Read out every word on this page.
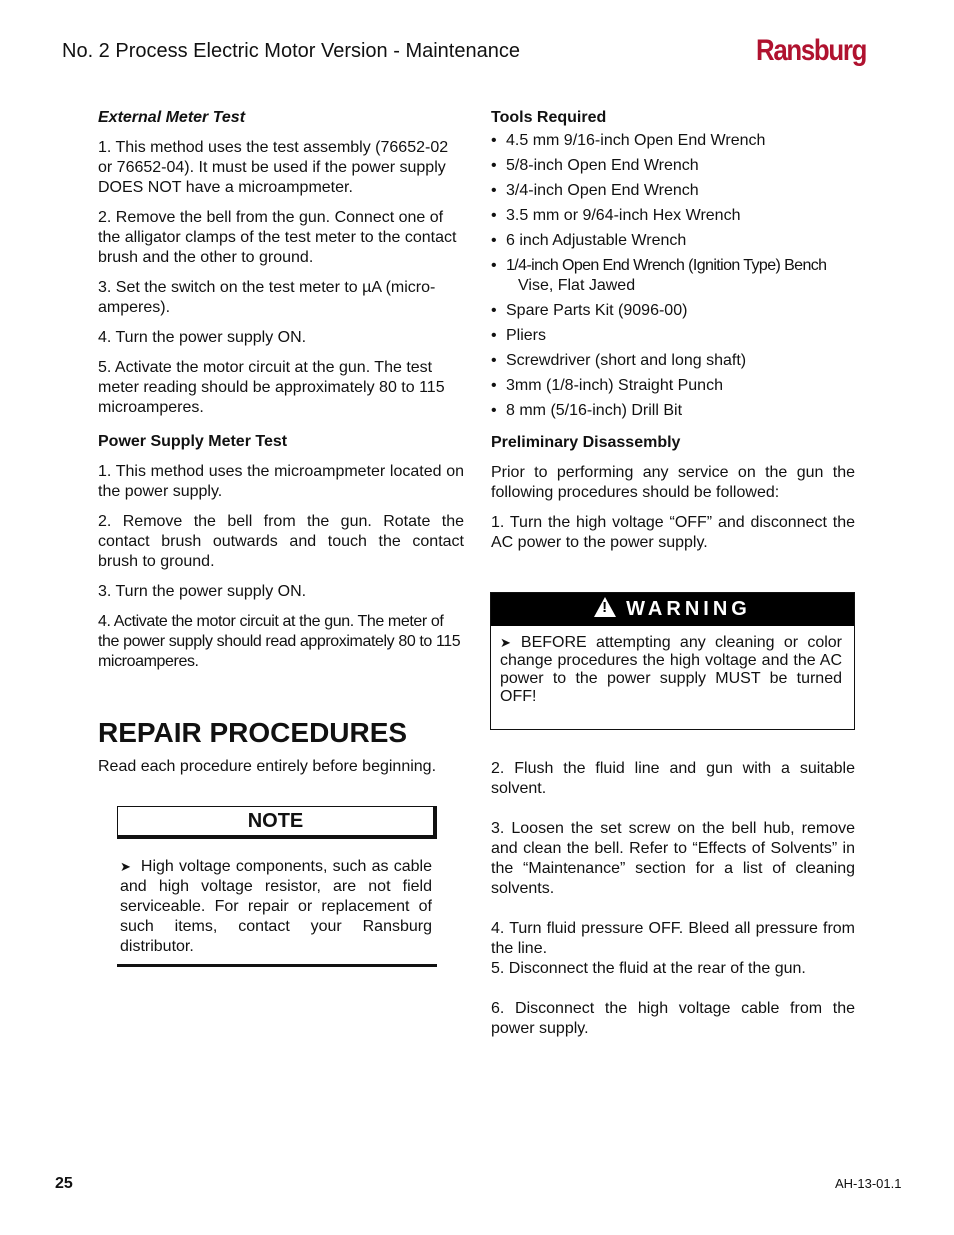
No. 2 Process Electric Motor Version - Maintenance	Ransburg
External Meter Test

1. This method uses the test assembly (76652-02 or 76652-04). It must be used if the power supply DOES NOT have a microampmeter.

2. Remove the bell from the gun. Connect one of the alligator clamps of the test meter to the contact brush and the other to ground.

3. Set the switch on the test meter to µA (microamperes).

4. Turn the power supply ON.

5. Activate the motor circuit at the gun. The test meter reading should be approximately 80 to 115 microamperes.

Power Supply Meter Test

1. This method uses the microampmeter located on the power supply.

2. Remove the bell from the gun. Rotate the contact brush outwards and touch the contact brush to ground.

3. Turn the power supply ON.

4. Activate the motor circuit at the gun. The meter of the power supply should read approximately 80 to 115 microamperes.

REPAIR PROCEDURES

Read each procedure entirely before beginning.

NOTE
➤ High voltage components, such as cable and high voltage resistor, are not field serviceable. For repair or replacement of such items, contact your Ransburg distributor.
Tools Required
• 4.5 mm 9/16-inch Open End Wrench
• 5/8-inch Open End Wrench
• 3/4-inch Open End Wrench
• 3.5 mm or 9/64-inch Hex Wrench
• 6 inch Adjustable Wrench
• 1/4-inch Open End Wrench (Ignition Type) Bench
Vise, Flat Jawed
• Spare Parts Kit (9096-00)
• Pliers
• Screwdriver (short and long shaft)
• 3mm (1/8-inch) Straight Punch
• 8 mm (5/16-inch) Drill Bit
Preliminary Disassembly

Prior to performing any service on the gun the following procedures should be followed:

1. Turn the high voltage “OFF” and disconnect the AC power to the power supply.

! WARNING
➤ BEFORE attempting any cleaning or color change procedures the high voltage and the AC power to the power supply MUST be turned OFF!

2. Flush the fluid line and gun with a suitable solvent.

3. Loosen the set screw on the bell hub, remove and clean the bell. Refer to “Effects of Solvents” in the “Maintenance” section for a list of cleaning solvents.

4. Turn fluid pressure OFF. Bleed all pressure from the line.

5. Disconnect the fluid at the rear of the gun.

6. Disconnect the high voltage cable from the power supply.

25	AH-13-01.1
